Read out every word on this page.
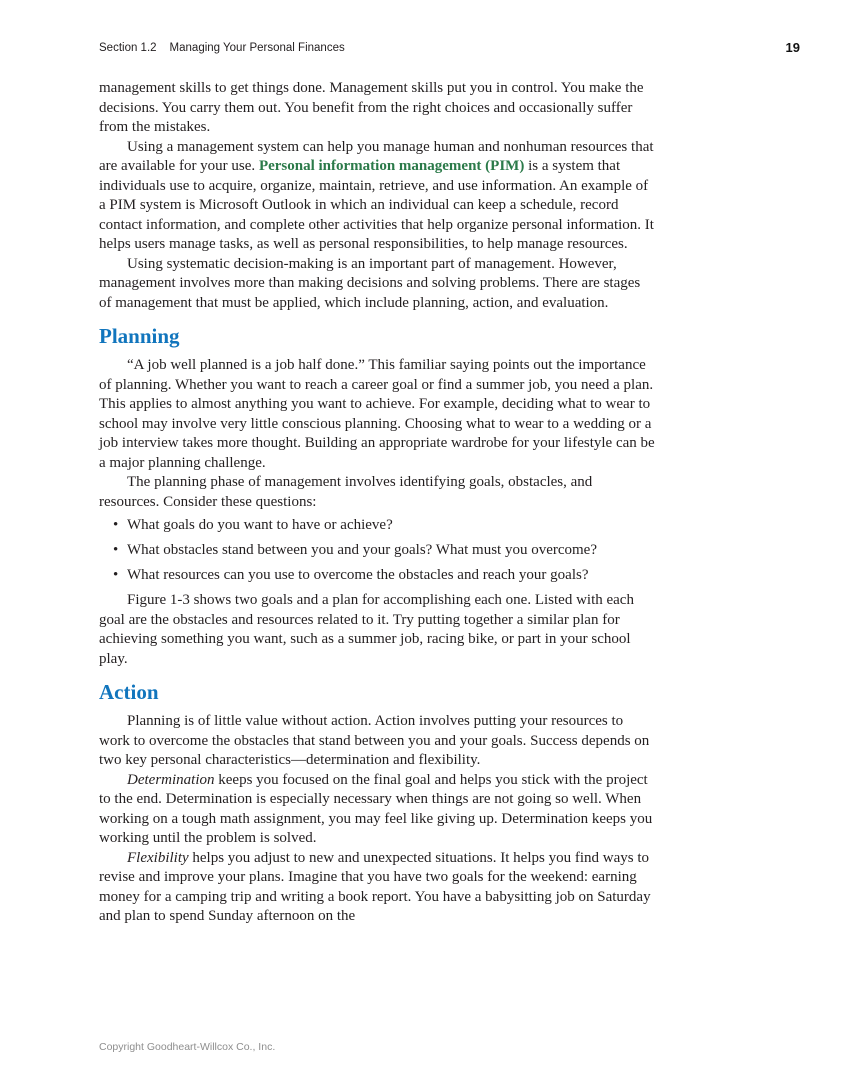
Section 1.2 Managing Your Personal Finances	19

management skills to get things done. Management skills put you in control. You make the decisions. You carry them out. You benefit from the right choices and occasionally suffer from the mistakes.

Using a management system can help you manage human and nonhuman resources that are available for your use. Personal information management (PIM) is a system that individuals use to acquire, organize, maintain, retrieve, and use information. An example of a PIM system is Microsoft Outlook in which an individual can keep a schedule, record contact information, and complete other activities that help organize personal information. It helps users manage tasks, as well as personal responsibilities, to help manage resources.

Using systematic decision-making is an important part of management. However, management involves more than making decisions and solving problems. There are stages of management that must be applied, which include planning, action, and evaluation.

Planning

“A job well planned is a job half done.” This familiar saying points out the importance of planning. Whether you want to reach a career goal or find a summer job, you need a plan. This applies to almost anything you want to achieve. For example, deciding what to wear to school may involve very little conscious planning. Choosing what to wear to a wedding or a job interview takes more thought. Building an appropriate wardrobe for your lifestyle can be a major planning challenge.

The planning phase of management involves identifying goals, obstacles, and resources. Consider these questions:

• What goals do you want to have or achieve?
• What obstacles stand between you and your goals? What must you overcome?
• What resources can you use to overcome the obstacles and reach your goals?

Figure 1-3 shows two goals and a plan for accomplishing each one. Listed with each goal are the obstacles and resources related to it. Try putting together a similar plan for achieving something you want, such as a summer job, racing bike, or part in your school play.

Action

Planning is of little value without action. Action involves putting your resources to work to overcome the obstacles that stand between you and your goals. Success depends on two key personal characteristics—determination and flexibility.

Determination keeps you focused on the final goal and helps you stick with the project to the end. Determination is especially necessary when things are not going so well. When working on a tough math assignment, you may feel like giving up. Determination keeps you working until the problem is solved.

Flexibility helps you adjust to new and unexpected situations. It helps you find ways to revise and improve your plans. Imagine that you have two goals for the weekend: earning money for a camping trip and writing a book report. You have a babysitting job on Saturday and plan to spend Sunday afternoon on the

Copyright Goodheart-Willcox Co., Inc.
